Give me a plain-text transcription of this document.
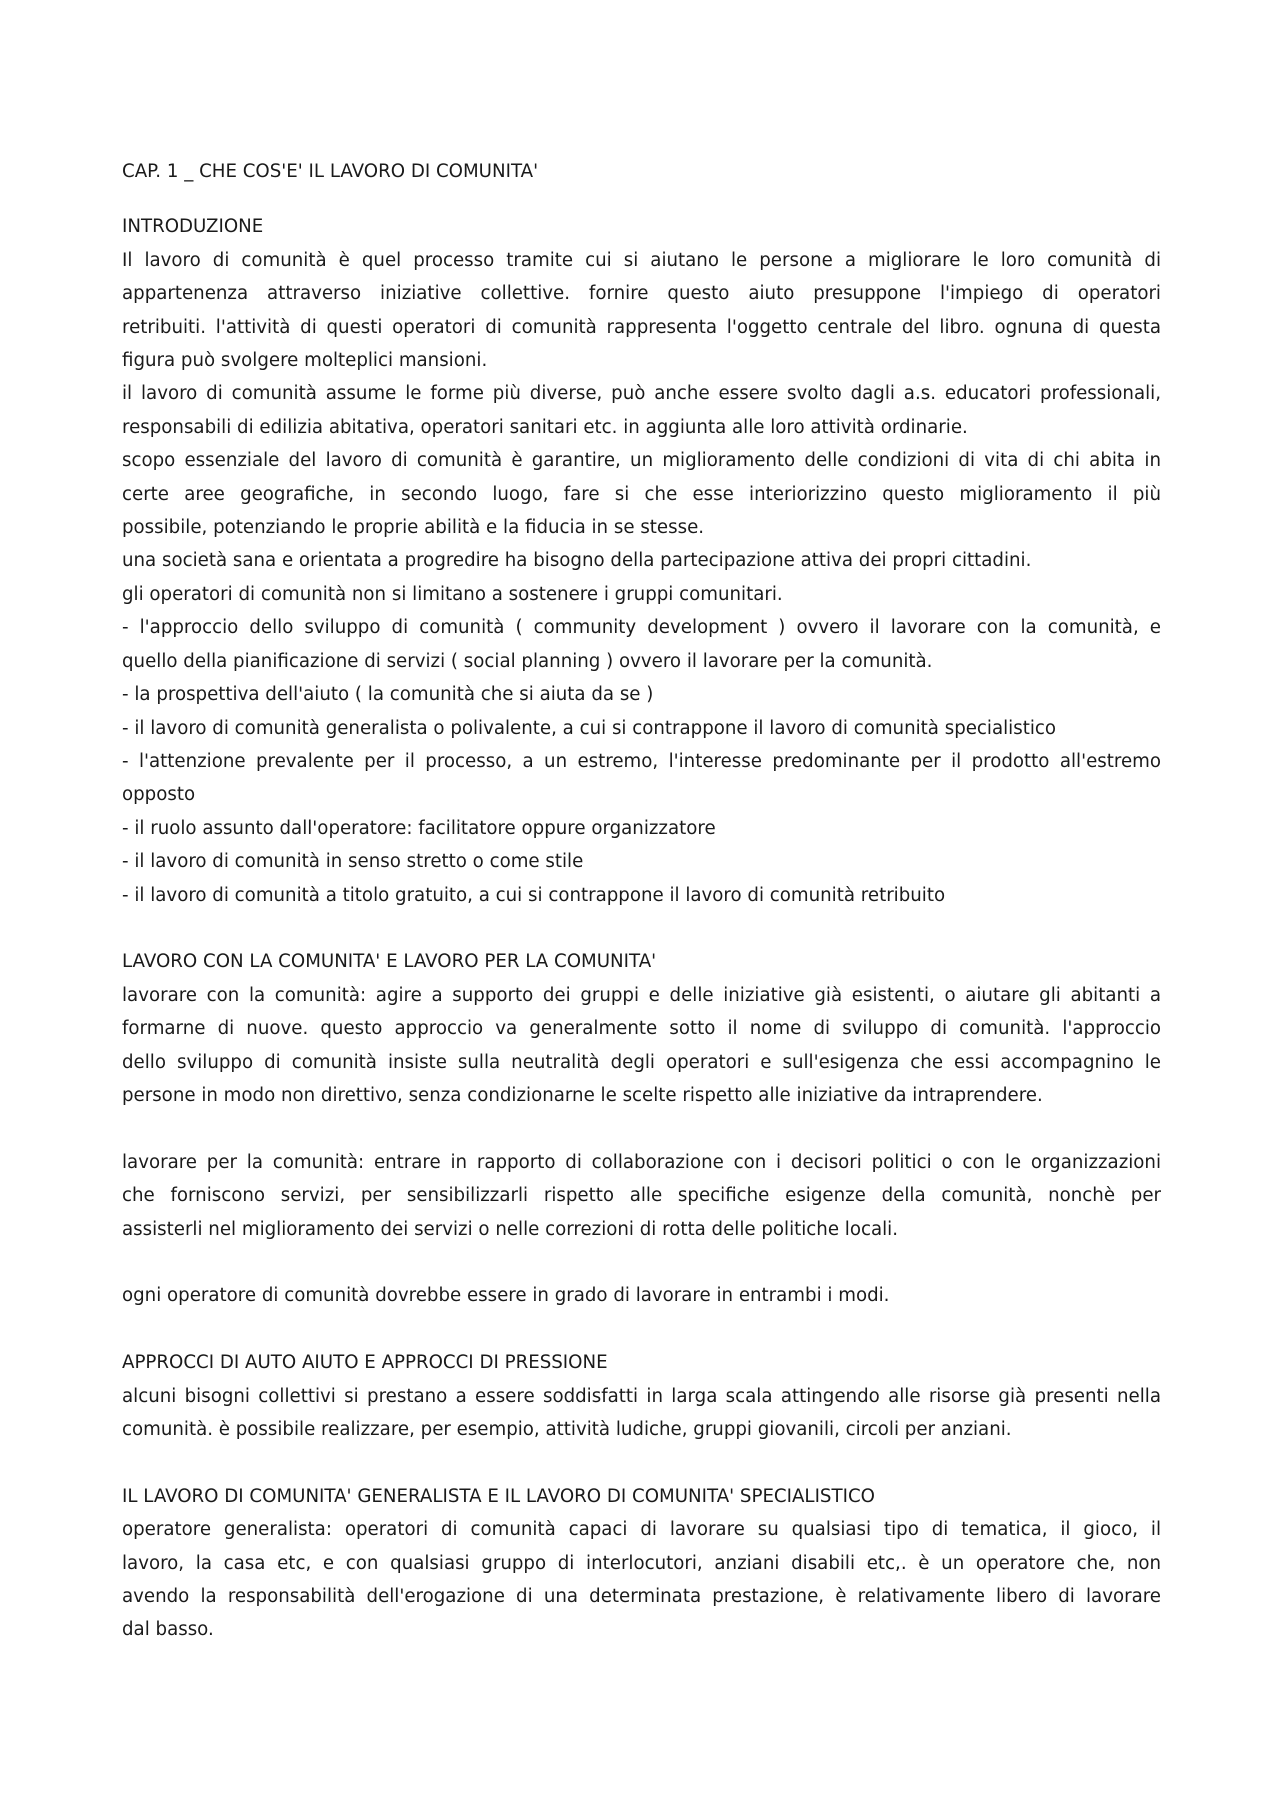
CAP. 1 _ CHE COS'E' IL LAVORO DI COMUNITA'

INTRODUZIONE

Il lavoro di comunità è quel processo tramite cui si aiutano le persone a migliorare le loro comunità di

appartenenza attraverso iniziative collettive. fornire questo aiuto presuppone l'impiego di operatori

retribuiti. l'attività di questi operatori di comunità rappresenta l'oggetto centrale del libro. ognuna di questa

figura può svolgere molteplici mansioni.

il lavoro di comunità assume le forme più diverse, può anche essere svolto dagli a.s. educatori professionali,

responsabili di edilizia abitativa, operatori sanitari etc. in aggiunta alle loro attività ordinarie.

scopo essenziale del lavoro di comunità è garantire, un miglioramento delle condizioni di vita di chi abita in

certe aree geografiche, in secondo luogo, fare si che esse interiorizzino questo miglioramento il più

possibile, potenziando le proprie abilità e la fiducia in se stesse.

una società sana e orientata a progredire ha bisogno della partecipazione attiva dei propri cittadini.

gli operatori di comunità non si limitano a sostenere i gruppi comunitari.

- l'approccio dello sviluppo di comunità ( community development ) ovvero il lavorare con la comunità, e

quello della pianificazione di servizi ( social planning ) ovvero il lavorare per la comunità.

- la prospettiva dell'aiuto ( la comunità che si aiuta da se )

- il lavoro di comunità generalista o polivalente, a cui si contrappone il lavoro di comunità specialistico

- l'attenzione prevalente per il processo, a un estremo, l'interesse predominante per il prodotto all'estremo

opposto

- il ruolo assunto dall'operatore: facilitatore oppure organizzatore

- il lavoro di comunità in senso stretto o come stile

- il lavoro di comunità a titolo gratuito, a cui si contrappone il lavoro di comunità retribuito

LAVORO CON LA COMUNITA' E LAVORO PER LA COMUNITA'

lavorare con la comunità: agire a supporto dei gruppi e delle iniziative già esistenti, o aiutare gli abitanti a

formarne di nuove. questo approccio va generalmente sotto il nome di sviluppo di comunità. l'approccio

dello sviluppo di comunità insiste sulla neutralità degli operatori e sull'esigenza che essi accompagnino le

persone in modo non direttivo, senza condizionarne le scelte rispetto alle iniziative da intraprendere.

lavorare per la comunità: entrare in rapporto di collaborazione con i decisori politici o con le organizzazioni

che forniscono servizi, per sensibilizzarli rispetto alle specifiche esigenze della comunità, nonchè per

assisterli nel miglioramento dei servizi o nelle correzioni di rotta delle politiche locali.

ogni operatore di comunità dovrebbe essere in grado di lavorare in entrambi i modi.

APPROCCI DI AUTO AIUTO E APPROCCI DI PRESSIONE

alcuni bisogni collettivi si prestano a essere soddisfatti in larga scala attingendo alle risorse già presenti nella

comunità. è possibile realizzare, per esempio, attività ludiche, gruppi giovanili, circoli per anziani.

IL LAVORO DI COMUNITA' GENERALISTA E IL LAVORO DI COMUNITA' SPECIALISTICO

operatore generalista: operatori di comunità capaci di lavorare su qualsiasi tipo di tematica, il gioco, il

lavoro, la casa etc, e con qualsiasi gruppo di interlocutori, anziani disabili etc,. è un operatore che, non

avendo la responsabilità dell'erogazione di una determinata prestazione, è relativamente libero di lavorare

dal basso.
